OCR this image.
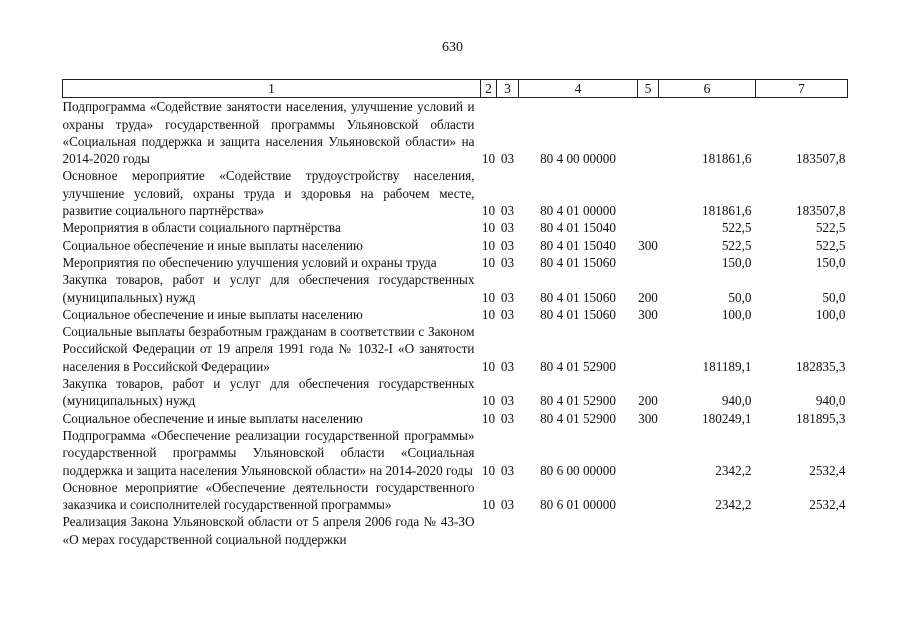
630
1	2	3	4	5	6	7
Подпрограмма «Содействие занятости населения, улучшение условий и охраны труда» государственной программы Ульяновской области «Социальная поддержка и защита населения Ульяновской области» на 2014-2020 годы	10	03	80 4 00 00000		181861,6	183507,8
Основное мероприятие «Содействие трудоустройству населения, улучшение условий, охраны труда и здоровья на рабочем месте, развитие социального партнёрства»	10	03	80 4 01 00000		181861,6	183507,8
Мероприятия в области социального партнёрства	10	03	80 4 01 15040		522,5	522,5
Социальное обеспечение и иные выплаты населению	10	03	80 4 01 15040	300	522,5	522,5
Мероприятия по обеспечению улучшения условий и охраны труда	10	03	80 4 01 15060		150,0	150,0
Закупка товаров, работ и услуг для обеспечения государственных (муниципальных) нужд	10	03	80 4 01 15060	200	50,0	50,0
Социальное обеспечение и иные выплаты населению	10	03	80 4 01 15060	300	100,0	100,0
Социальные выплаты безработным гражданам в соответствии с Законом Российской Федерации от 19 апреля 1991 года № 1032-I «О занятости населения в Российской Федерации»	10	03	80 4 01 52900		181189,1	182835,3
Закупка товаров, работ и услуг для обеспечения государственных (муниципальных) нужд	10	03	80 4 01 52900	200	940,0	940,0
Социальное обеспечение и иные выплаты населению	10	03	80 4 01 52900	300	180249,1	181895,3
Подпрограмма «Обеспечение реализации государственной программы» государственной программы Ульяновской области «Социальная поддержка и защита населения Ульяновской области» на 2014-2020 годы	10	03	80 6 00 00000		2342,2	2532,4
Основное мероприятие «Обеспечение деятельности государственного заказчика и соисполнителей государственной программы»	10	03	80 6 01 00000		2342,2	2532,4
Реализация Закона Ульяновской области от 5 апреля 2006 года № 43-ЗО «О мерах государственной социальной поддержки						
